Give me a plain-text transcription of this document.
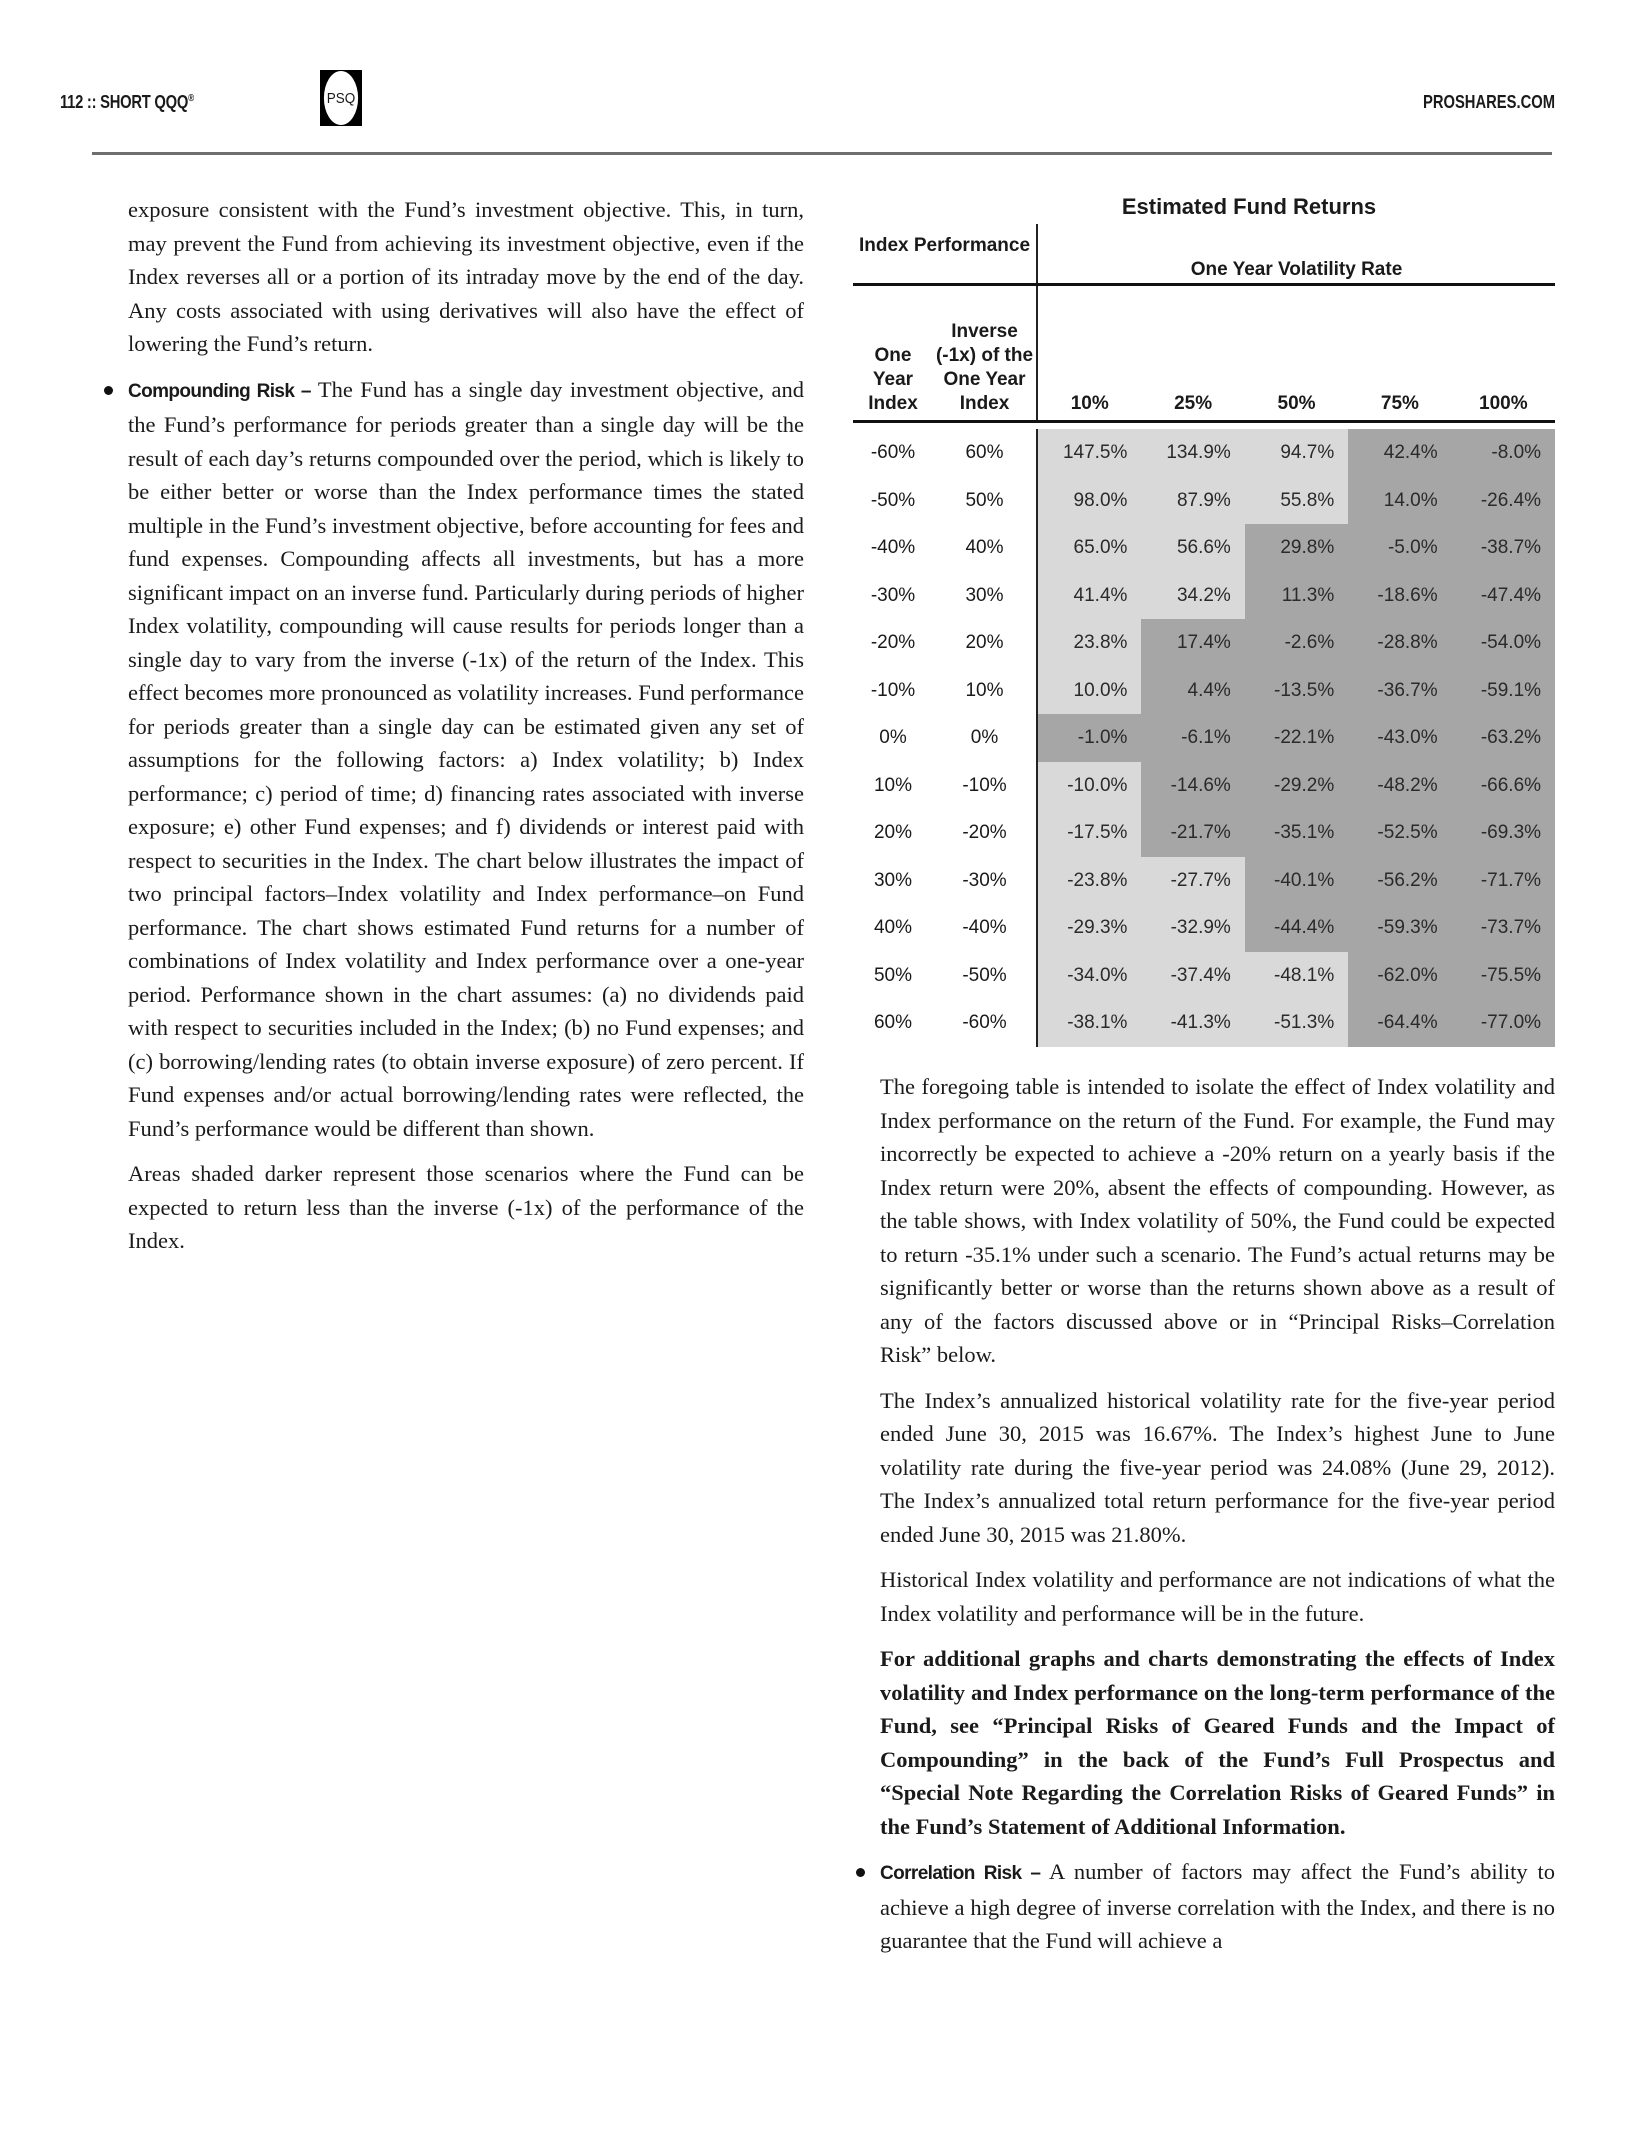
112 :: SHORT QQQ®	PSQ	PROSHARES.COM

exposure consistent with the Fund’s investment objective. This, in turn, may prevent the Fund from achieving its investment objective, even if the Index reverses all or a portion of its intraday move by the end of the day. Any costs associated with using derivatives will also have the effect of lowering the Fund’s return.

Compounding Risk – The Fund has a single day investment objective, and the Fund’s performance for periods greater than a single day will be the result of each day’s returns compounded over the period, which is likely to be either better or worse than the Index performance times the stated multiple in the Fund’s investment objective, before accounting for fees and fund expenses. Compounding affects all investments, but has a more significant impact on an inverse fund. Particularly during periods of higher Index volatility, compounding will cause results for periods longer than a single day to vary from the inverse (-1x) of the return of the Index. This effect becomes more pronounced as volatility increases. Fund performance for periods greater than a single day can be estimated given any set of assumptions for the following factors: a) Index volatility; b) Index performance; c) period of time; d) financing rates associated with inverse exposure; e) other Fund expenses; and f) dividends or interest paid with respect to securities in the Index. The chart below illustrates the impact of two principal factors–Index volatility and Index performance–on Fund performance. The chart shows estimated Fund returns for a number of combinations of Index volatility and Index performance over a one-year period. Performance shown in the chart assumes: (a) no dividends paid with respect to securities included in the Index; (b) no Fund expenses; and (c) borrowing/lending rates (to obtain inverse exposure) of zero percent. If Fund expenses and/or actual borrowing/lending rates were reflected, the Fund’s performance would be different than shown.

Areas shaded darker represent those scenarios where the Fund can be expected to return less than the inverse (-1x) of the performance of the Index.

Estimated Fund Returns
Index Performance
One Year Volatility Rate
One Year Index
Inverse (-1x) of the One Year Index	10%	25%	50%	75%	100%
-60%	60%	147.5%	134.9%	94.7%	42.4%	-8.0%
-50%	50%	98.0%	87.9%	55.8%	14.0%	-26.4%
-40%	40%	65.0%	56.6%	29.8%	-5.0%	-38.7%
-30%	30%	41.4%	34.2%	11.3%	-18.6%	-47.4%
-20%	20%	23.8%	17.4%	-2.6%	-28.8%	-54.0%
-10%	10%	10.0%	4.4%	-13.5%	-36.7%	-59.1%
0%	0%	-1.0%	-6.1%	-22.1%	-43.0%	-63.2%
10%	-10%	-10.0%	-14.6%	-29.2%	-48.2%	-66.6%
20%	-20%	-17.5%	-21.7%	-35.1%	-52.5%	-69.3%
30%	-30%	-23.8%	-27.7%	-40.1%	-56.2%	-71.7%
40%	-40%	-29.3%	-32.9%	-44.4%	-59.3%	-73.7%
50%	-50%	-34.0%	-37.4%	-48.1%	-62.0%	-75.5%
60%	-60%	-38.1%	-41.3%	-51.3%	-64.4%	-77.0%

The foregoing table is intended to isolate the effect of Index volatility and Index performance on the return of the Fund. For example, the Fund may incorrectly be expected to achieve a -20% return on a yearly basis if the Index return were 20%, absent the effects of compounding. However, as the table shows, with Index volatility of 50%, the Fund could be expected to return -35.1% under such a scenario. The Fund’s actual returns may be significantly better or worse than the returns shown above as a result of any of the factors discussed above or in “Principal Risks–Correlation Risk” below.

The Index’s annualized historical volatility rate for the five-year period ended June 30, 2015 was 16.67%. The Index’s highest June to June volatility rate during the five-year period was 24.08% (June 29, 2012). The Index’s annualized total return performance for the five-year period ended June 30, 2015 was 21.80%.

Historical Index volatility and performance are not indications of what the Index volatility and performance will be in the future.

For additional graphs and charts demonstrating the effects of Index volatility and Index performance on the long-term performance of the Fund, see “Principal Risks of Geared Funds and the Impact of Compounding” in the back of the Fund’s Full Prospectus and “Special Note Regarding the Correlation Risks of Geared Funds” in the Fund’s Statement of Additional Information.

Correlation Risk – A number of factors may affect the Fund’s ability to achieve a high degree of inverse correlation with the Index, and there is no guarantee that the Fund will achieve a
